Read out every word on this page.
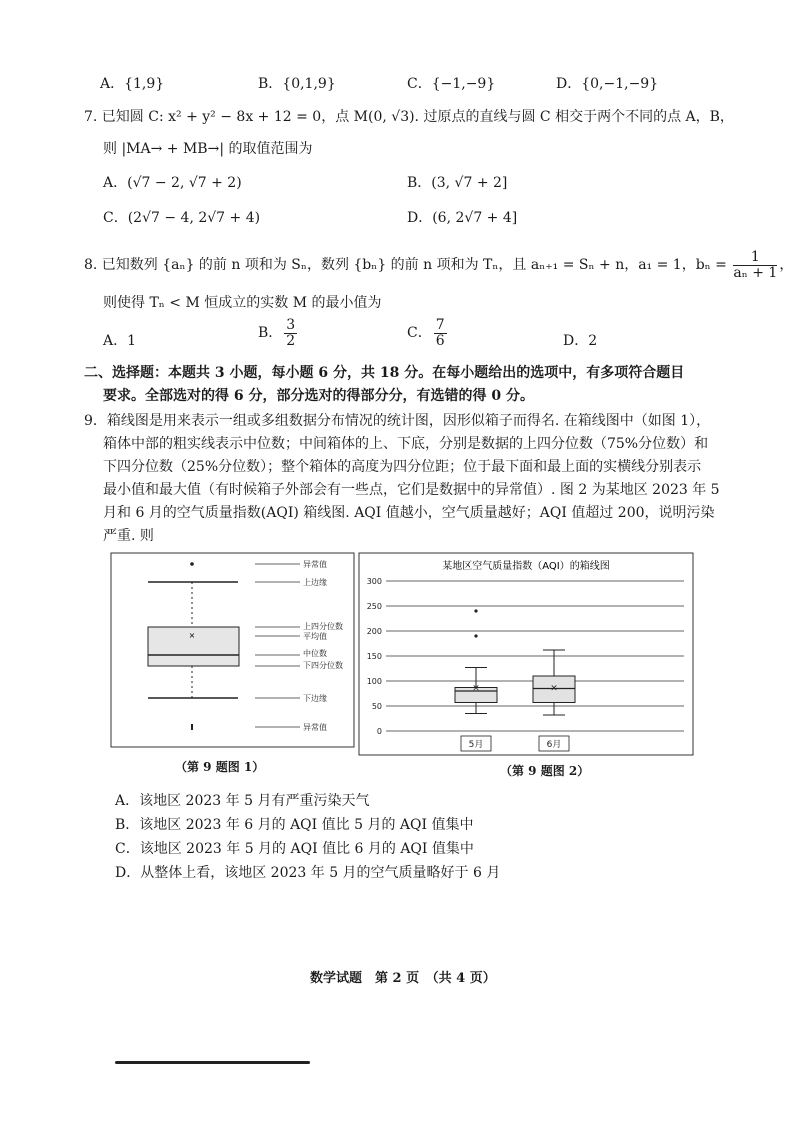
A．{1,9}	B．{0,1,9}	C．{−1,−9}	D．{0,−1,−9}
7. 已知圆 C: x² + y² − 8x + 12 = 0，点 M(0, √3). 过原点的直线与圆 C 相交于两个不同的点 A，B，
则 |MA→ + MB→| 的取值范围为
A．(√7 − 2, √7 + 2)	B．(3, √7 + 2]
C．(2√7 − 4, 2√7 + 4)	D．(6, 2√7 + 4]
8. 已知数列 {aₙ} 的前 n 项和为 Sₙ，数列 {bₙ} 的前 n 项和为 Tₙ，且 aₙ₊₁ = Sₙ + n，a₁ = 1，$b_n = \frac{1}{\text{aₙ + 1}}$ ，
则使得 Tₙ < M 恒成立的实数 M 的最小值为
A．1	B． $\frac{3}{2}$	C． $\frac{7}{6}$	D．2
二、选择题：本题共 3 小题，每小题 6 分，共 18 分。在每小题给出的选项中，有多项符合题目
要求。全部选对的得 6 分，部分选对的得部分分，有选错的得 0 分。
9．箱线图是用来表示一组或多组数据分布情况的统计图，因形似箱子而得名. 在箱线图中（如图 1），
箱体中部的粗实线表示中位数；中间箱体的上、下底，分别是数据的上四分位数（75%分位数）和
下四分位数（25%分位数）；整个箱体的高度为四分位距；位于最下面和最上面的实横线分别表示
最小值和最大值（有时候箱子外部会有一些点，它们是数据中的异常值）. 图 2 为某地区 2023 年 5
月和 6 月的空气质量指数(AQI) 箱线图. AQI 值越小，空气质量越好；AQI 值超过 200，说明污染
严重. 则
×
异常值
上边缘
上四分位数
平均值
中位数
下四分位数
下边缘
异常值
（第 9 题图 1）
某地区空气质量指数（AQI）的箱线图
0
50
100
150
200
250
300
×
5月
×
6月
（第 9 题图 2）
A．该地区 2023 年 5 月有严重污染天气
B．该地区 2023 年 6 月的 AQI 值比 5 月的 AQI 值集中
C．该地区 2023 年 5 月的 AQI 值比 6 月的 AQI 值集中
D．从整体上看，该地区 2023 年 5 月的空气质量略好于 6 月
数学试题　第 2 页　（共 4 页）
